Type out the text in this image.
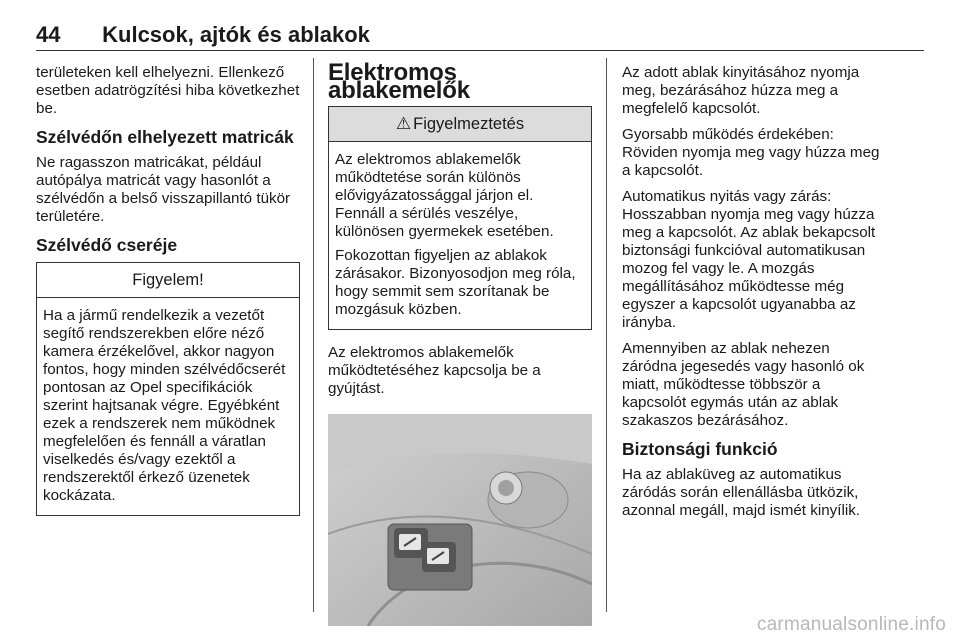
44 Kulcsok, ajtók és ablakok

területeken kell elhelyezni. Ellenkező esetben adatrögzítési hiba következhet be.

Szélvédőn elhelyezett matricák

Ne ragasszon matricákat, például autópálya matricát vagy hasonlót a szélvédőn a belső visszapillantó tükör területére.

Szélvédő cseréje
Figyelem!

Ha a jármű rendelkezik a vezetőt segítő rendszerekben előre néző kamera érzékelővel, akkor nagyon fontos, hogy minden szélvédőcserét pontosan az Opel specifikációk szerint hajtsanak végre. Egyébként ezek a rendszerek nem működnek megfelelően és fennáll a váratlan viselkedés és/vagy ezektől a rendszerektől érkező üzenetek kockázata.

Elektromos ablakemelők
⚠ Figyelmeztetés

Az elektromos ablakemelők működtetése során különös elővigyázatossággal járjon el. Fennáll a sérülés veszélye, különösen gyermekek esetében.

Fokozottan figyeljen az ablakok zárásakor. Bizonyosodjon meg róla, hogy semmit sem szorítanak be mozgásuk közben.

Az elektromos ablakemelők működtetéséhez kapcsolja be a gyújtást.

Az adott ablak kinyitásához nyomja meg, bezárásához húzza meg a megfelelő kapcsolót.

Gyorsabb működés érdekében: Röviden nyomja meg vagy húzza meg a kapcsolót.

Automatikus nyitás vagy zárás: Hosszabban nyomja meg vagy húzza meg a kapcsolót. Az ablak bekapcsolt biztonsági funkcióval automatikusan mozog fel vagy le. A mozgás megállításához működtesse még egyszer a kapcsolót ugyanabba az irányba.

Amennyiben az ablak nehezen záródna jegesedés vagy hasonló ok miatt, működtesse többször a kapcsolót egymás után az ablak szakaszos bezárásához.

Biztonsági funkció

Ha az ablaküveg az automatikus záródás során ellenállásba ütközik, azonnal megáll, majd ismét kinyílik.

carmanualsonline.info
